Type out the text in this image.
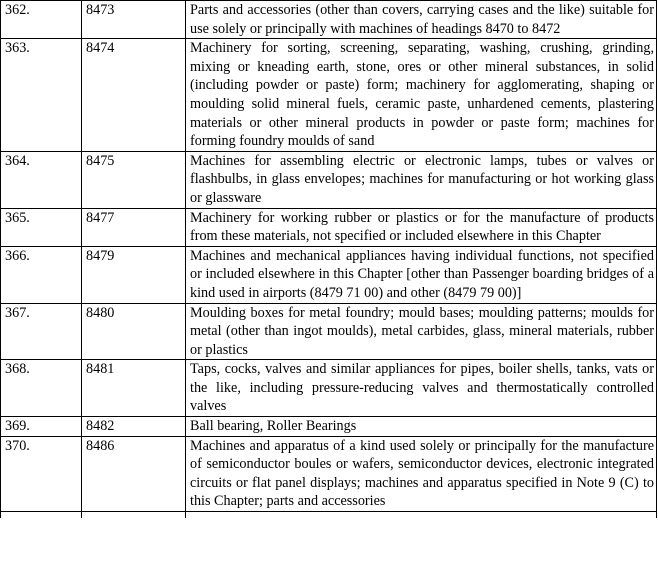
362.	8473	Parts and accessories (other than covers, carrying cases and the like) suitable for use solely or principally with machines of headings 8470 to 8472
363.	8474	Machinery for sorting, screening, separating, washing, crushing, grinding, mixing or kneading earth, stone, ores or other mineral substances, in solid (including powder or paste) form; machinery for agglomerating, shaping or moulding solid mineral fuels, ceramic paste, unhardened cements, plastering materials or other mineral products in powder or paste form; machines for forming foundry moulds of sand
364.	8475	Machines for assembling electric or electronic lamps, tubes or valves or flashbulbs, in glass envelopes; machines for manufacturing or hot working glass or glassware
365.	8477	Machinery for working rubber or plastics or for the manufacture of products from these materials, not specified or included elsewhere in this Chapter
366.	8479	Machines and mechanical appliances having individual functions, not specified or included elsewhere in this Chapter [other than Passenger boarding bridges of a kind used in airports (8479 71 00) and other (8479 79 00)]
367.	8480	Moulding boxes for metal foundry; mould bases; moulding patterns; moulds for metal (other than ingot moulds), metal carbides, glass, mineral materials, rubber or plastics
368.	8481	Taps, cocks, valves and similar appliances for pipes, boiler shells, tanks, vats or the like, including pressure-reducing valves and thermostatically controlled valves
369.	8482	Ball bearing, Roller Bearings
370.	8486	Machines and apparatus of a kind used solely or principally for the manufacture of semiconductor boules or wafers, semiconductor devices, electronic integrated circuits or flat panel displays; machines and apparatus specified in Note 9 (C) to this Chapter; parts and accessories
